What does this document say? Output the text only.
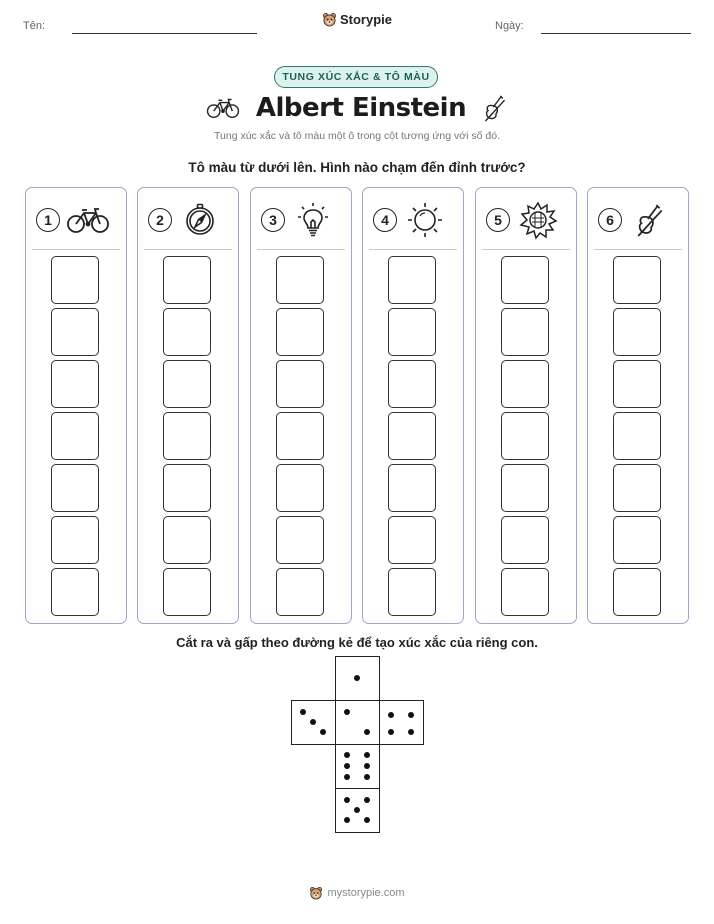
Tên:	Ngày:
Storypie
TUNG XÚC XẮC & TÔ MÀU
Albert Einstein
Tung xúc xắc và tô màu một ô trong cột tương ứng với số đó.
Tô màu từ dưới lên. Hình nào chạm đến đỉnh trước?
1	2	3	4	5	6
Cắt ra và gấp theo đường kẻ để tạo xúc xắc của riêng con.
mystorypie.com
